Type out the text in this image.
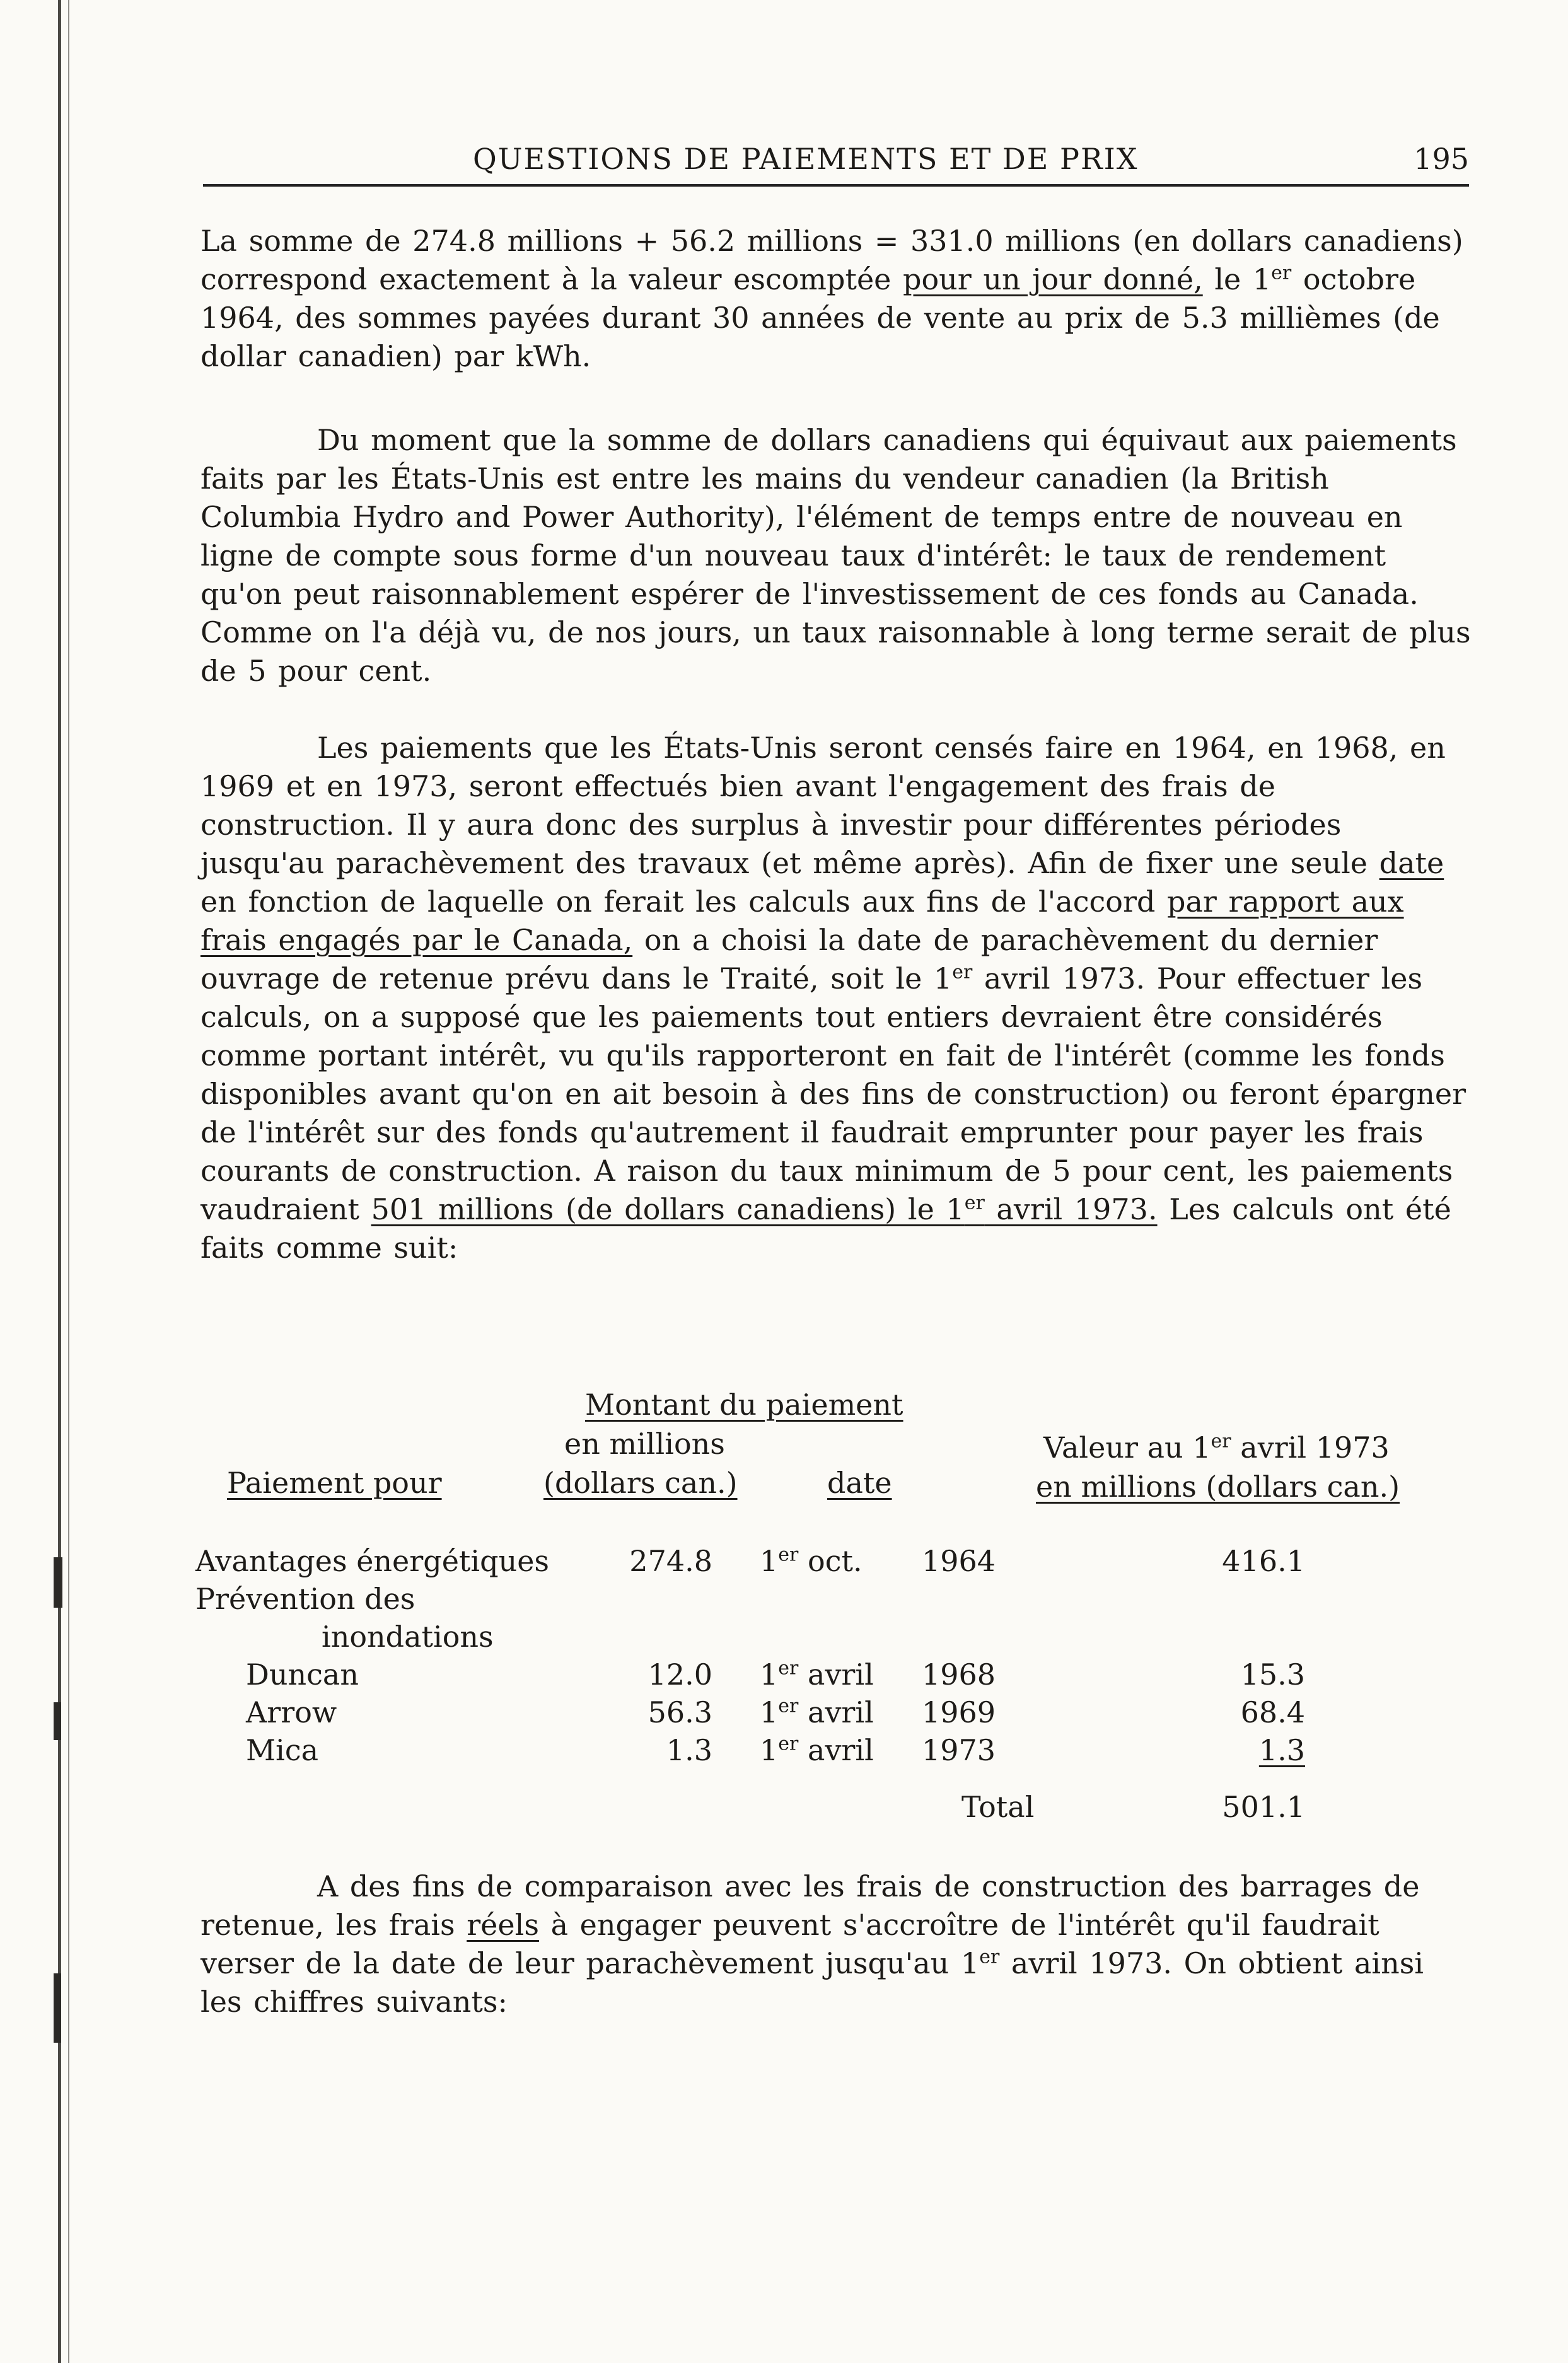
QUESTIONS DE PAIEMENTS ET DE PRIX	195

La somme de 274.8 millions + 56.2 millions = 331.0 millions (en dollars canadiens) correspond exactement à la valeur escomptée pour un jour donné, le 1er octobre 1964, des sommes payées durant 30 années de vente au prix de 5.3 millièmes (de dollar canadien) par kWh.

Du moment que la somme de dollars canadiens qui équivaut aux paiements faits par les États-Unis est entre les mains du vendeur canadien (la British Columbia Hydro and Power Authority), l'élément de temps entre de nouveau en ligne de compte sous forme d'un nouveau taux d'intérêt: le taux de rendement qu'on peut raisonnablement espérer de l'investissement de ces fonds au Canada. Comme on l'a déjà vu, de nos jours, un taux raisonnable à long terme serait de plus de 5 pour cent.

Les paiements que les États-Unis seront censés faire en 1964, en 1968, en 1969 et en 1973, seront effectués bien avant l'engagement des frais de construction. Il y aura donc des surplus à investir pour différentes périodes jusqu'au parachèvement des travaux (et même après). Afin de fixer une seule date en fonction de laquelle on ferait les calculs aux fins de l'accord par rapport aux frais engagés par le Canada, on a choisi la date de parachèvement du dernier ouvrage de retenue prévu dans le Traité, soit le 1er avril 1973. Pour effectuer les calculs, on a supposé que les paiements tout entiers devraient être considérés comme portant intérêt, vu qu'ils rapporteront en fait de l'intérêt (comme les fonds disponibles avant qu'on en ait besoin à des fins de construction) ou feront épargner de l'intérêt sur des fonds qu'autrement il faudrait emprunter pour payer les frais courants de construction. A raison du taux minimum de 5 pour cent, les paiements vaudraient 501 millions (de dollars canadiens) le 1er avril 1973. Les calculs ont été faits comme suit:

Montant du paiement
en millions
(dollars can.)	date
Paiement pour
Valeur au 1er avril 1973
en millions (dollars can.)
Avantages énergétiques	274.8 1er oct. 1964	416.1
Prévention des
inondations
Duncan	12.0 1er avril 1968	15.3
Arrow	56.3 1er avril 1969	68.4
Mica	1.3 1er avril 1973	1.3
Total	501.1

A des fins de comparaison avec les frais de construction des barrages de retenue, les frais réels à engager peuvent s'accroître de l'intérêt qu'il faudrait verser de la date de leur parachèvement jusqu'au 1er avril 1973. On obtient ainsi les chiffres suivants:
